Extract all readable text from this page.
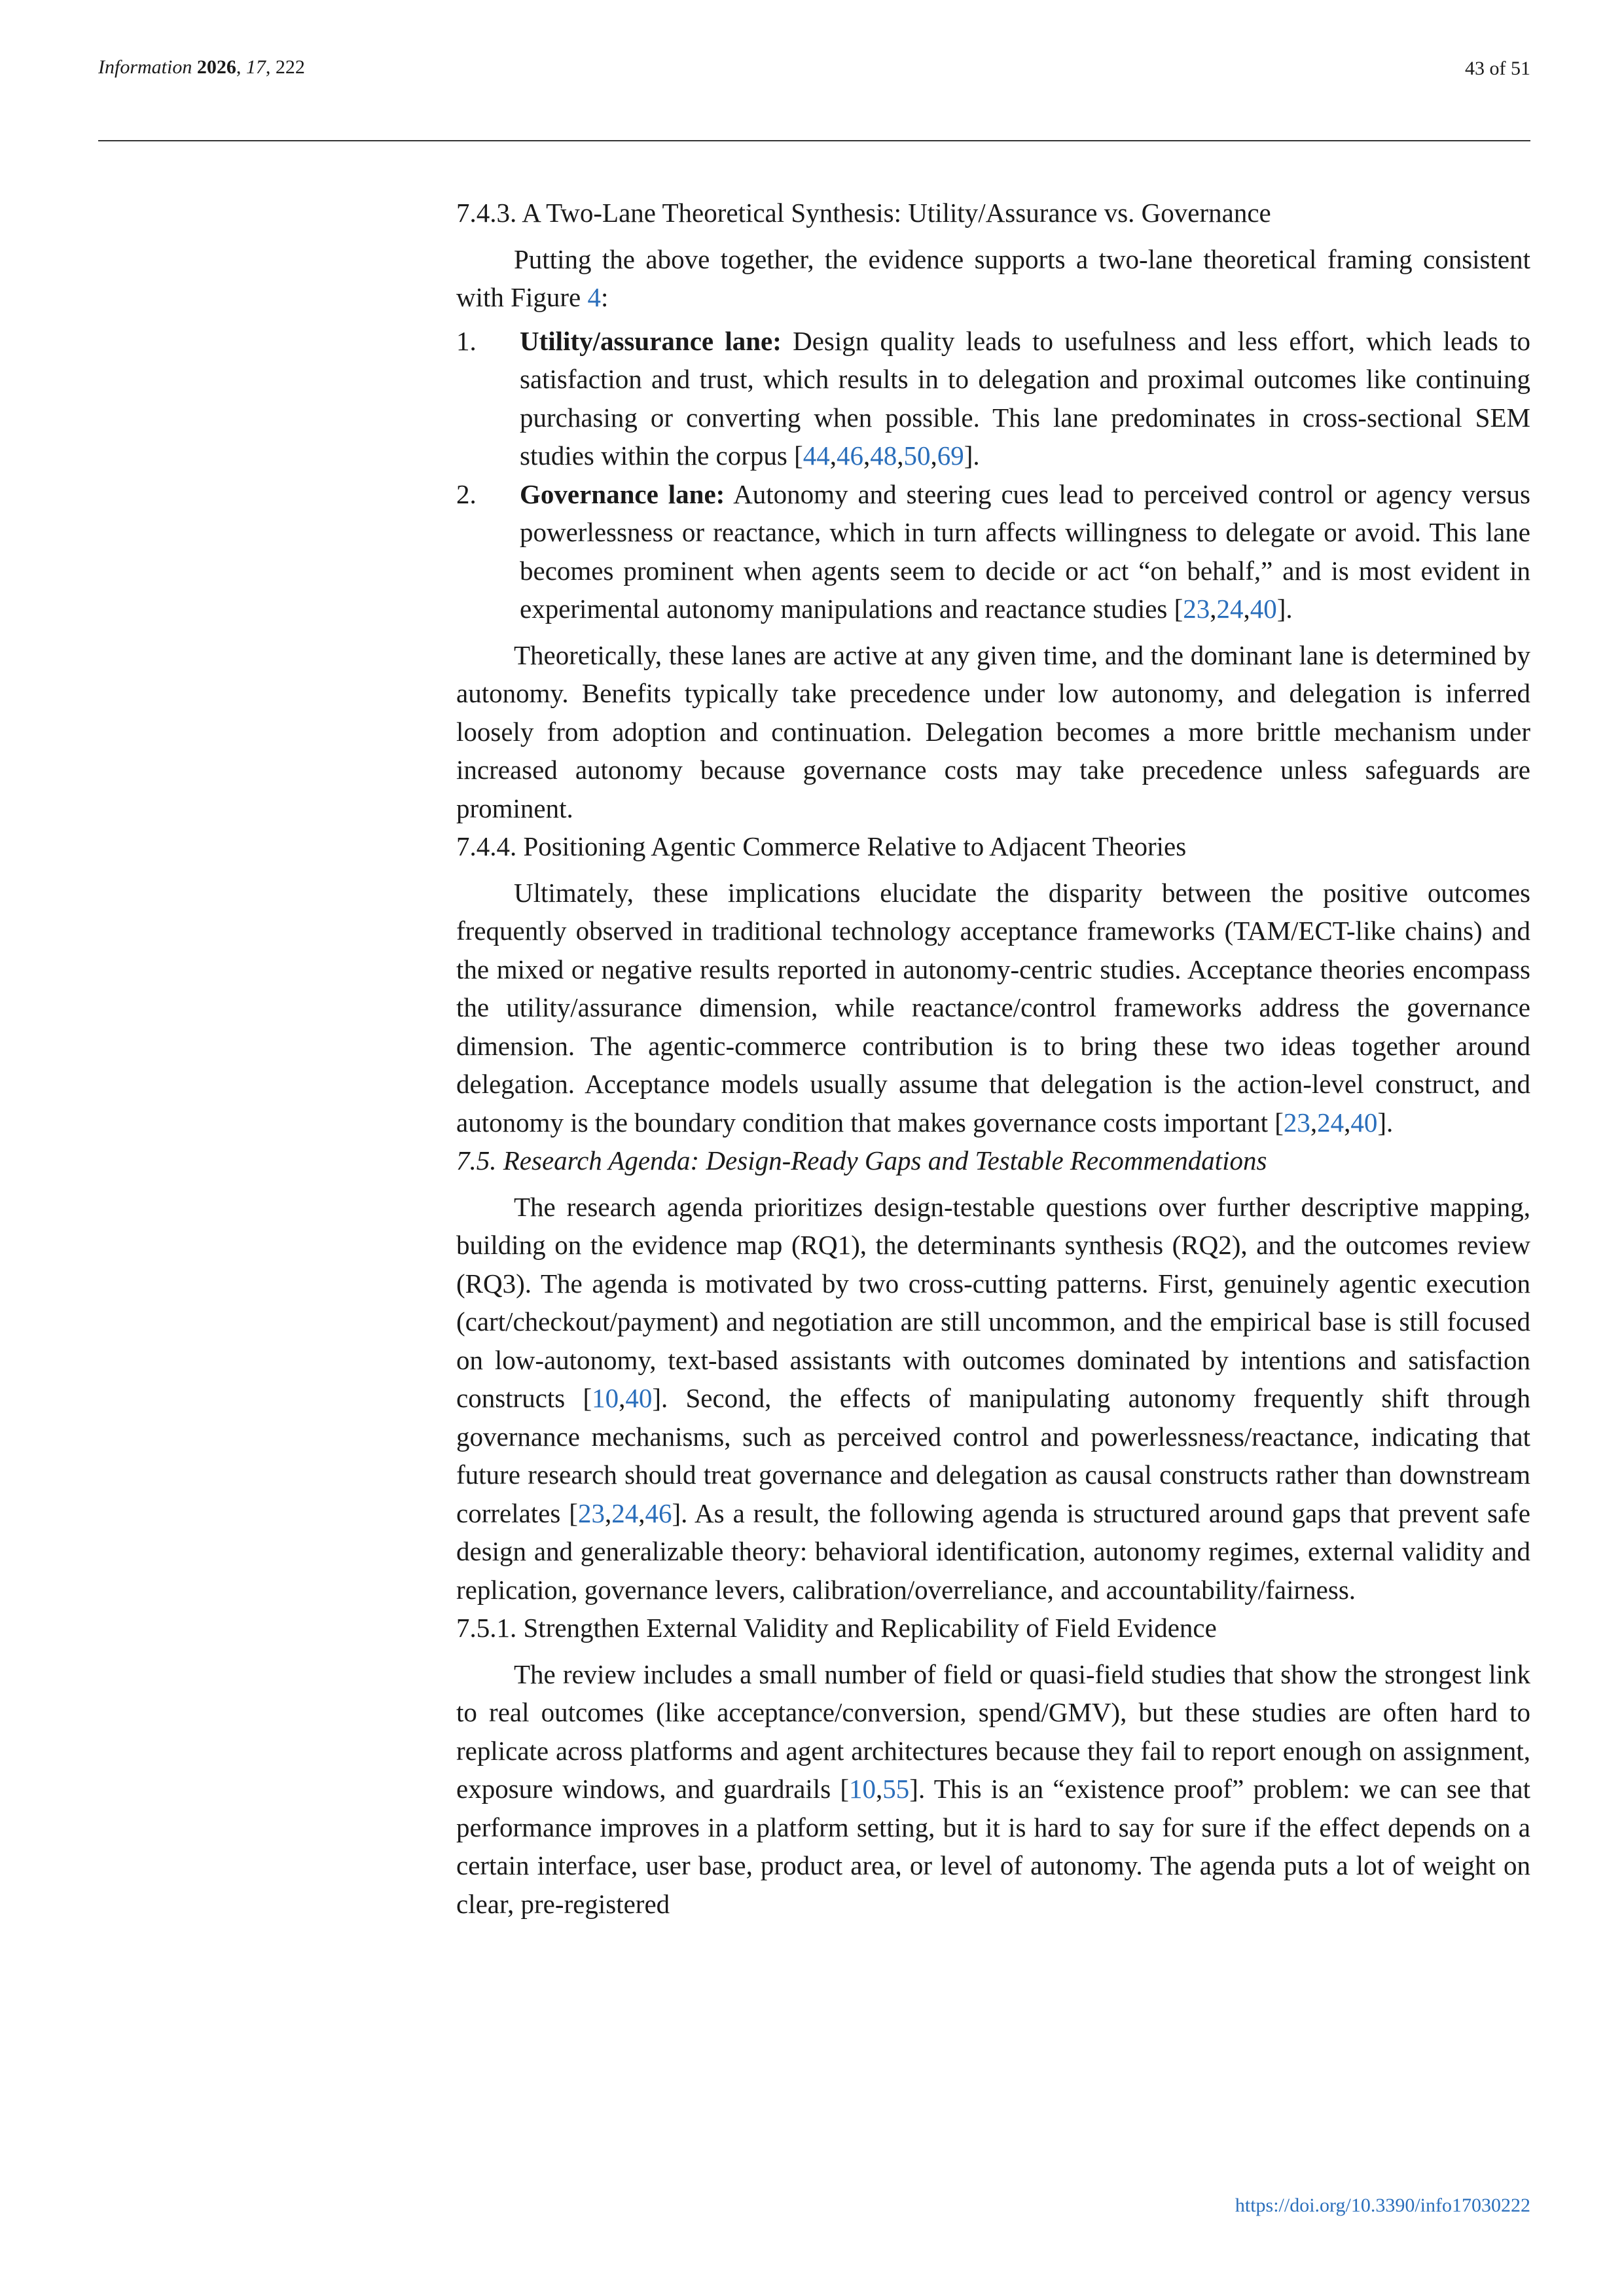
Information 2026, 17, 222	43 of 51

7.4.3. A Two-Lane Theoretical Synthesis: Utility/Assurance vs. Governance

Putting the above together, the evidence supports a two-lane theoretical framing consistent with Figure 4:

1. Utility/assurance lane: Design quality leads to usefulness and less effort, which leads to satisfaction and trust, which results in to delegation and proximal outcomes like continuing purchasing or converting when possible. This lane predominates in cross-sectional SEM studies within the corpus [44,46,48,50,69].
2. Governance lane: Autonomy and steering cues lead to perceived control or agency versus powerlessness or reactance, which in turn affects willingness to delegate or avoid. This lane becomes prominent when agents seem to decide or act “on behalf,” and is most evident in experimental autonomy manipulations and reactance studies [23,24,40].

Theoretically, these lanes are active at any given time, and the dominant lane is determined by autonomy. Benefits typically take precedence under low autonomy, and delegation is inferred loosely from adoption and continuation. Delegation becomes a more brittle mechanism under increased autonomy because governance costs may take precedence unless safeguards are prominent.

7.4.4. Positioning Agentic Commerce Relative to Adjacent Theories

Ultimately, these implications elucidate the disparity between the positive outcomes frequently observed in traditional technology acceptance frameworks (TAM/ECT-like chains) and the mixed or negative results reported in autonomy-centric studies. Acceptance theories encompass the utility/assurance dimension, while reactance/control frameworks address the governance dimension. The agentic-commerce contribution is to bring these two ideas together around delegation. Acceptance models usually assume that delegation is the action-level construct, and autonomy is the boundary condition that makes governance costs important [23,24,40].

7.5. Research Agenda: Design-Ready Gaps and Testable Recommendations

The research agenda prioritizes design-testable questions over further descriptive mapping, building on the evidence map (RQ1), the determinants synthesis (RQ2), and the outcomes review (RQ3). The agenda is motivated by two cross-cutting patterns. First, genuinely agentic execution (cart/checkout/payment) and negotiation are still uncommon, and the empirical base is still focused on low-autonomy, text-based assistants with outcomes dominated by intentions and satisfaction constructs [10,40]. Second, the effects of manipulating autonomy frequently shift through governance mechanisms, such as perceived control and powerlessness/reactance, indicating that future research should treat governance and delegation as causal constructs rather than downstream correlates [23,24,46]. As a result, the following agenda is structured around gaps that prevent safe design and generalizable theory: behavioral identification, autonomy regimes, external validity and replication, governance levers, calibration/overreliance, and accountability/fairness.

7.5.1. Strengthen External Validity and Replicability of Field Evidence

The review includes a small number of field or quasi-field studies that show the strongest link to real outcomes (like acceptance/conversion, spend/GMV), but these studies are often hard to replicate across platforms and agent architectures because they fail to report enough on assignment, exposure windows, and guardrails [10,55]. This is an “existence proof” problem: we can see that performance improves in a platform setting, but it is hard to say for sure if the effect depends on a certain interface, user base, product area, or level of autonomy. The agenda puts a lot of weight on clear, pre-registered

https://doi.org/10.3390/info17030222
